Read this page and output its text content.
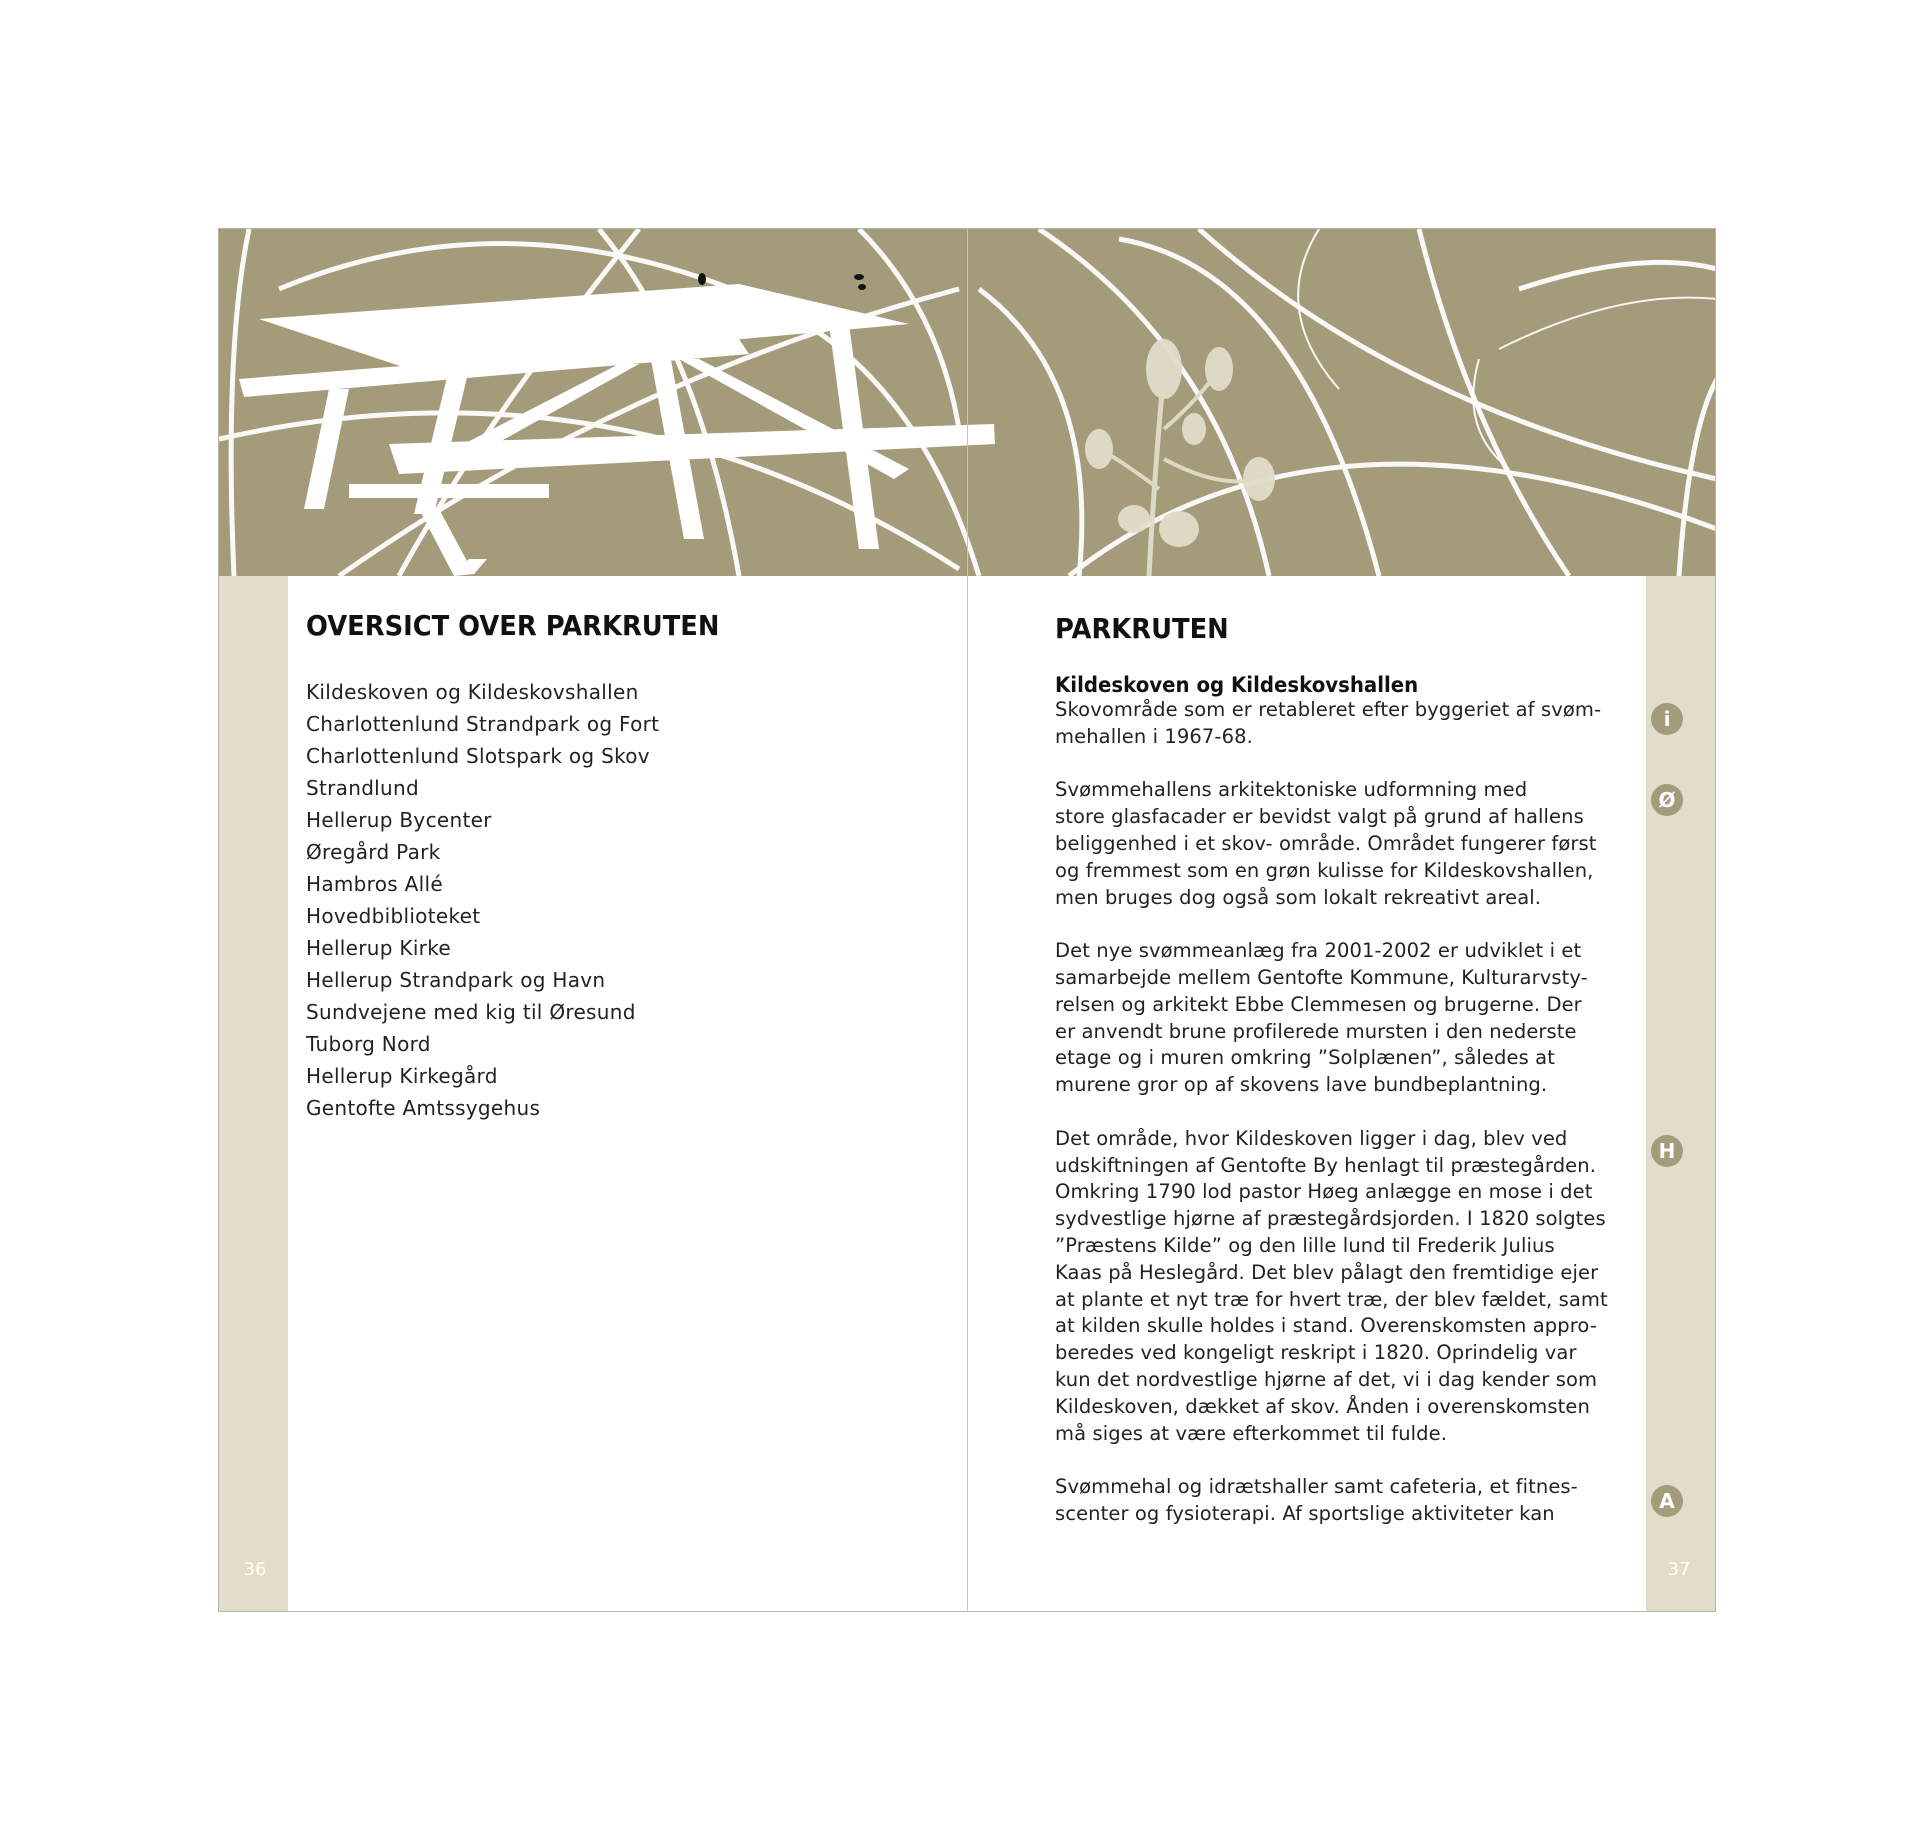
OVERSICT OVER PARKRUTEN
Kildeskoven og Kildeskovshallen
Charlottenlund Strandpark og Fort
Charlottenlund Slotspark og Skov
Strandlund
Hellerup Bycenter
Øregård Park
Hambros Allé
Hovedbiblioteket
Hellerup Kirke
Hellerup Strandpark og Havn
Sundvejene med kig til Øresund
Tuborg Nord
Hellerup Kirkegård
Gentofte Amtssygehus
36
PARKRUTEN
Kildeskoven og Kildeskovshallen

Skovområde som er retableret efter byggeriet af svøm-
mehallen i 1967-68.

Svømmehallens arkitektoniske udformning med
store glasfacader er bevidst valgt på grund af hallens
beliggenhed i et skov- område. Området fungerer først
og fremmest som en grøn kulisse for Kildeskovshallen,
men bruges dog også som lokalt rekreativt areal.

Det nye svømmeanlæg fra 2001-2002 er udviklet i et
samarbejde mellem Gentofte Kommune, Kulturarvsty-
relsen og arkitekt Ebbe Clemmesen og brugerne. Der
er anvendt brune profilerede mursten i den nederste
etage og i muren omkring ”Solplænen”, således at
murene gror op af skovens lave bundbeplantning.

Det område, hvor Kildeskoven ligger i dag, blev ved
udskiftningen af Gentofte By henlagt til præstegården.
Omkring 1790 lod pastor Høeg anlægge en mose i det
sydvestlige hjørne af præstegårdsjorden. I 1820 solgtes
”Præstens Kilde” og den lille lund til Frederik Julius
Kaas på Heslegård. Det blev pålagt den fremtidige ejer
at plante et nyt træ for hvert træ, der blev fældet, samt
at kilden skulle holdes i stand. Overenskomsten appro-
beredes ved kongeligt reskript i 1820. Oprindelig var
kun det nordvestlige hjørne af det, vi i dag kender som
Kildeskoven, dækket af skov. Ånden i overenskomsten
må siges at være efterkommet til fulde.

Svømmehal og idrætshaller samt cafeteria, et fitnes-
scenter og fysioterapi. Af sportslige aktiviteter kan

i
Ø
H
A
37
